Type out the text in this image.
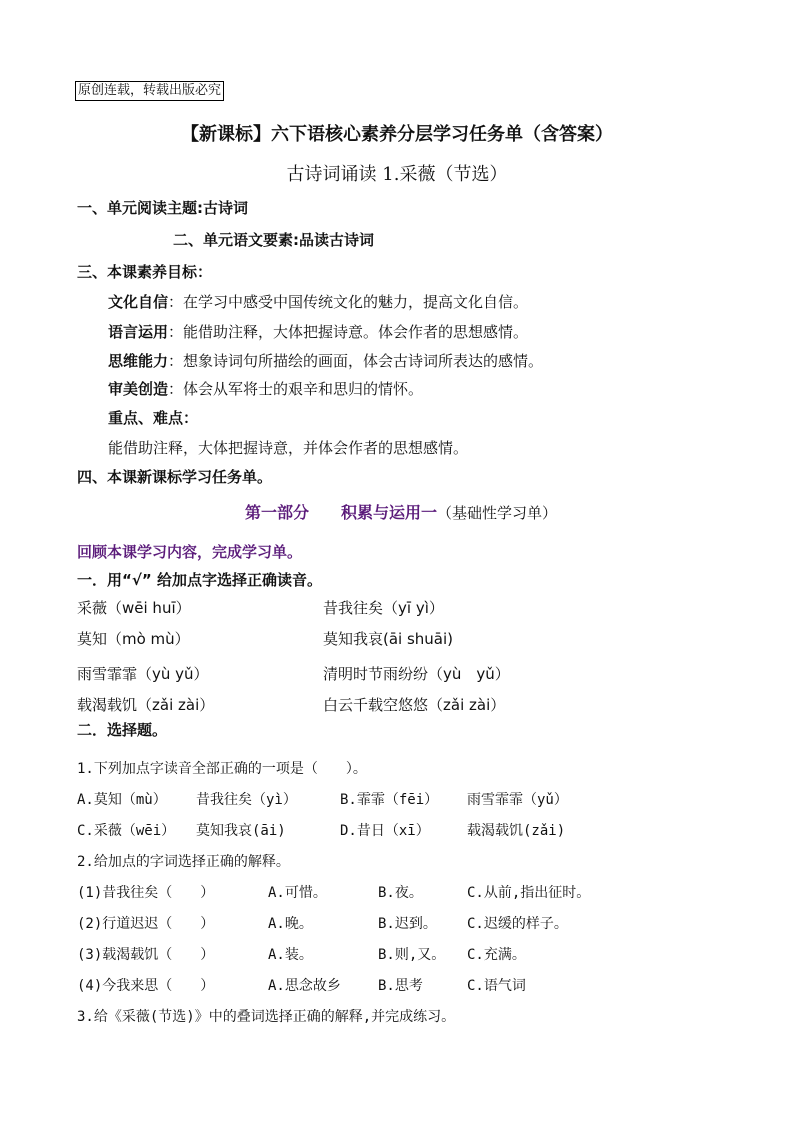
原创连载，转载出版必究
【新课标】六下语核心素养分层学习任务单（含答案）
古诗词诵读 1.采薇（节选）
一、单元阅读主题:古诗词
二、单元语文要素:品读古诗词
三、本课素养目标：
文化自信：在学习中感受中国传统文化的魅力，提高文化自信。
语言运用：能借助注释，大体把握诗意。体会作者的思想感情。
思维能力：想象诗词句所描绘的画面，体会古诗词所表达的感情。
审美创造：体会从军将士的艰辛和思归的情怀。
重点、难点：
能借助注释，大体把握诗意，并体会作者的思想感情。
四、本课新课标学习任务单。
第一部分　　积累与运用一（基础性学习单）
回顾本课学习内容，完成学习单。
一．用“√” 给加点字选择正确读音。
采薇（wēi huī）	昔我往矣（yī yì）
莫知（mò mù）	莫知我哀(āi shuāi)
雨雪霏霏（yù yǔ）	清明时节雨纷纷（yù　yǔ）
载渴载饥（zǎi zài）	白云千载空悠悠（zǎi zài）
二．选择题。
1.下列加点字读音全部正确的一项是（　　）。
A.莫知（mù） 昔我往矣（yì）	B.霏霏（fēi） 雨雪霏霏（yǔ）
C.采薇（wēi） 莫知我哀(āi)	D.昔日（xī）	载渴载饥(zǎi)
2.给加点的字词选择正确的解释。
(1)昔我往矣（　　）	A.可惜。	B.夜。	C.从前,指出征时。
(2)行道迟迟（　　）	A.晚。	B.迟到。 C.迟缓的样子。
(3)载渴载饥（　　）	A.装。	B.则,又。 C.充满。
(4)今我来思（　　）	A.思念故乡	B.思考	C.语气词
3.给《采薇(节选)》中的叠词选择正确的解释,并完成练习。
